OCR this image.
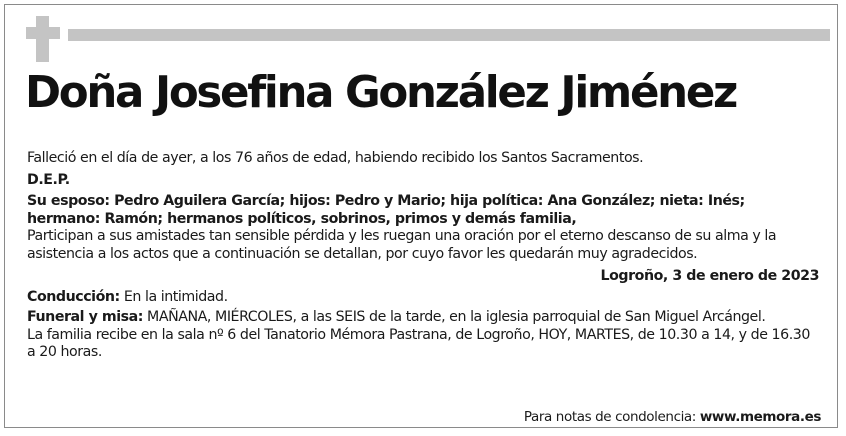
Doña Josefina González Jiménez

Falleció en el día de ayer, a los 76 años de edad, habiendo recibido los Santos Sacramentos.

D.E.P.

Su esposo: Pedro Aguilera García; hijos: Pedro y Mario; hija política: Ana González; nieta: Inés; hermano: Ramón; hermanos políticos, sobrinos, primos y demás familia,

Participan a sus amistades tan sensible pérdida y les ruegan una oración por el eterno descanso de su alma y la asistencia a los actos que a continuación se detallan, por cuyo favor les quedarán muy agradecidos.

Logroño, 3 de enero de 2023

Conducción: En la intimidad.

Funeral y misa: MAÑANA, MIÉRCOLES, a las SEIS de la tarde, en la iglesia parroquial de San Miguel Arcángel.

La familia recibe en la sala nº 6 del Tanatorio Mémora Pastrana, de Logroño, HOY, MARTES, de 10.30 a 14, y de 16.30 a 20 horas.

Para notas de condolencia: www.memora.es
